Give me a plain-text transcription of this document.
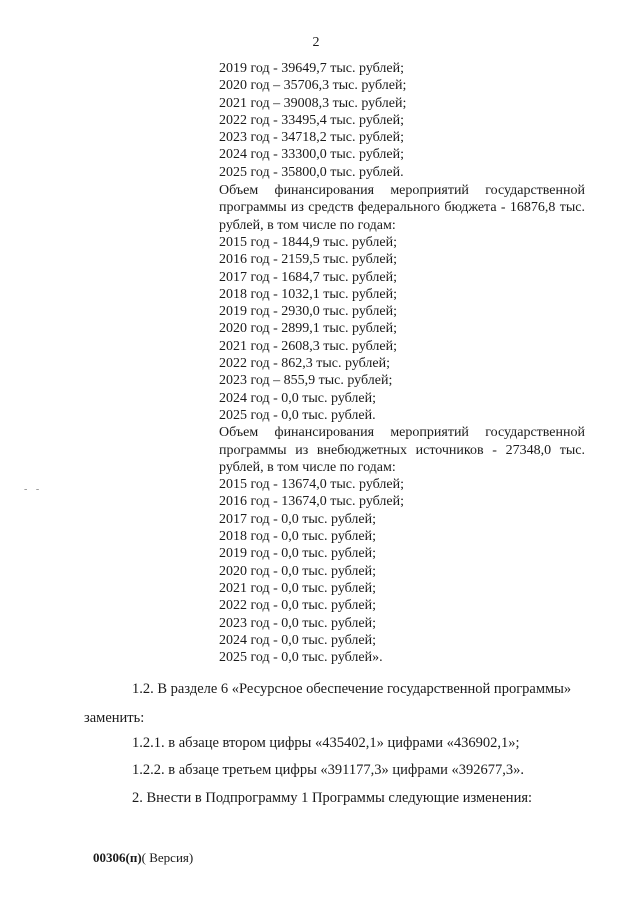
2
- -
2019 год - 39649,7 тыс. рублей;
2020 год – 35706,3 тыс. рублей;
2021 год – 39008,3 тыс. рублей;
2022 год - 33495,4 тыс. рублей;
2023 год - 34718,2 тыс. рублей;
2024 год - 33300,0 тыс. рублей;
2025 год - 35800,0 тыс. рублей.
Объем финансирования мероприятий государственной программы из средств федерального бюджета - 16876,8 тыс. рублей, в том числе по годам:
2015 год - 1844,9 тыс. рублей;
2016 год - 2159,5 тыс. рублей;
2017 год - 1684,7 тыс. рублей;
2018 год - 1032,1 тыс. рублей;
2019 год - 2930,0 тыс. рублей;
2020 год - 2899,1 тыс. рублей;
2021 год - 2608,3 тыс. рублей;
2022 год - 862,3 тыс. рублей;
2023 год – 855,9 тыс. рублей;
2024 год - 0,0 тыс. рублей;
2025 год - 0,0 тыс. рублей.
Объем финансирования мероприятий государственной программы из внебюджетных источников - 27348,0 тыс. рублей, в том числе по годам:
2015 год - 13674,0 тыс. рублей;
2016 год - 13674,0 тыс. рублей;
2017 год - 0,0 тыс. рублей;
2018 год - 0,0 тыс. рублей;
2019 год - 0,0 тыс. рублей;
2020 год - 0,0 тыс. рублей;
2021 год - 0,0 тыс. рублей;
2022 год - 0,0 тыс. рублей;
2023 год - 0,0 тыс. рублей;
2024 год - 0,0 тыс. рублей;
2025 год - 0,0 тыс. рублей».
1.2. В разделе 6 «Ресурсное обеспечение государственной программы»
заменить:
1.2.1. в абзаце втором цифры «435402,1» цифрами «436902,1»;
1.2.2. в абзаце третьем цифры «391177,3» цифрами «392677,3».
2. Внести в Подпрограмму 1 Программы следующие изменения:
00306(п)( Версия)
